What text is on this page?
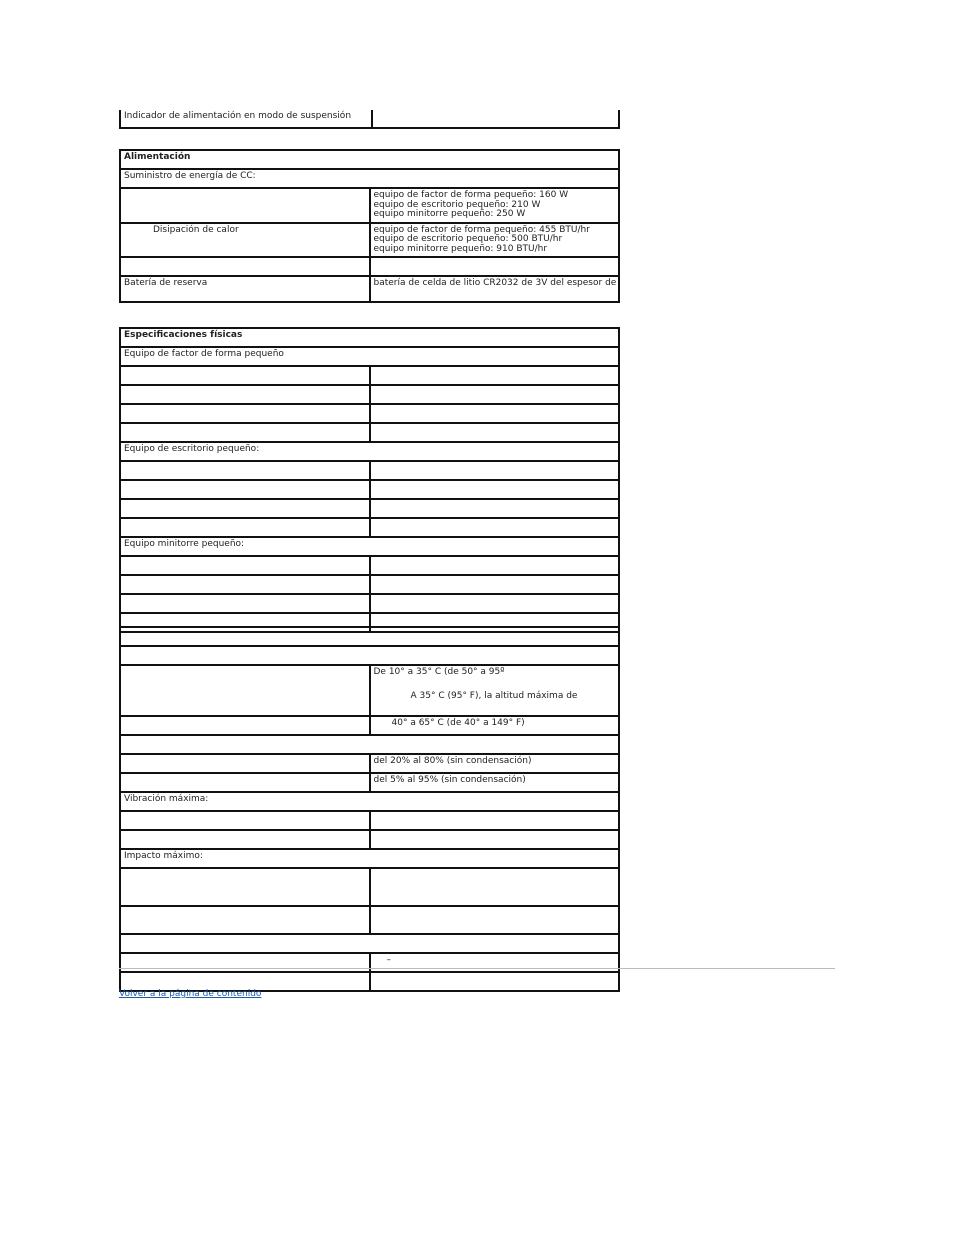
Indicador de alimentación en modo de suspensión	
Alimentación	
Suministro de energía de CC:	

	equipo de factor de forma pequeño: 160 W
equipo de escritorio pequeño: 210 W
equipo minitorre pequeño: 250 W

Disipación de calor	equipo de factor de forma pequeño: 455 BTU/hr
equipo de escritorio pequeño: 500 BTU/hr
equipo minitorre pequeño: 910 BTU/hr

Batería de reserva	batería de celda de litio CR2032 de 3V del espesor de
Especificaciones físicas	
Equipo de factor de forma pequeño	

Equipo de escritorio pequeño:	

Equipo minitorre pequeño:	

	De 10° a 35° C (de 50° a 95º
A 35° C (95° F), la altitud máxima de

	40° a 65° C (de 40° a 149° F)

	del 20% al 80% (sin condensación)
	del 5% al 95% (sin condensación)
Vibración máxima:	

Impacto máximo:	

	–

Volver a la página de contenido
